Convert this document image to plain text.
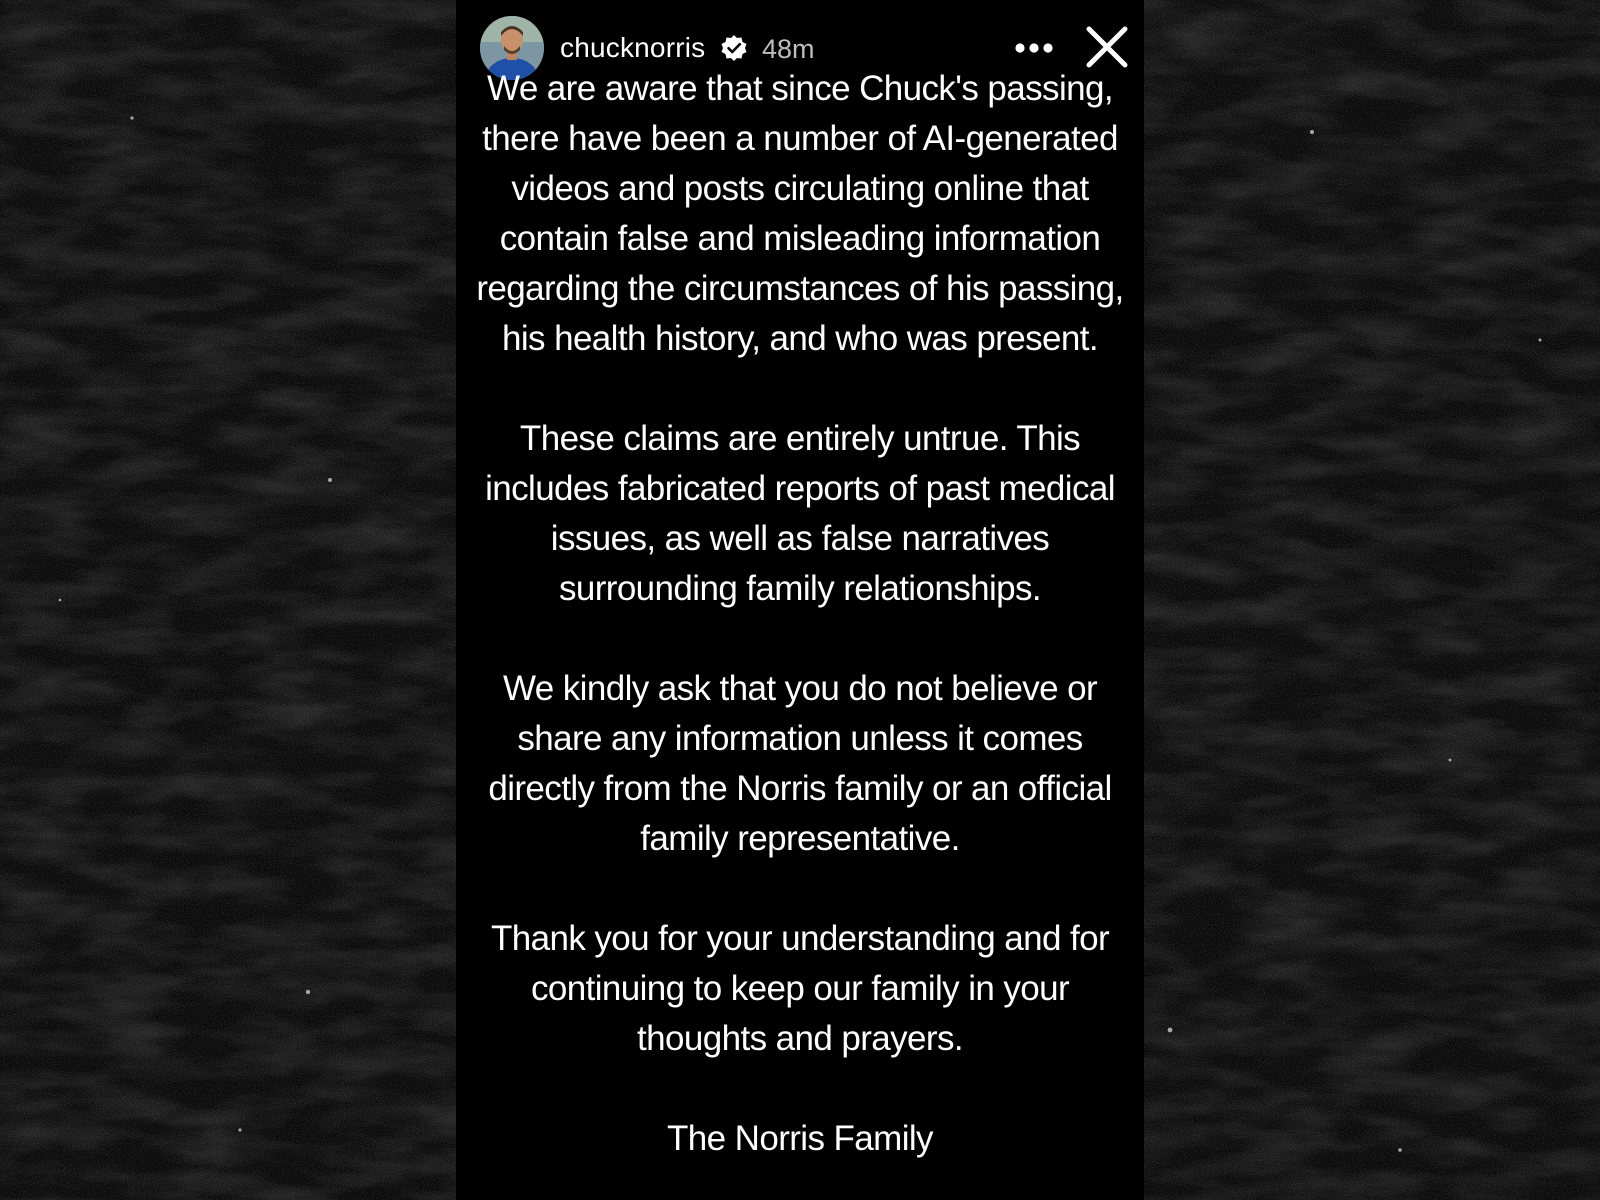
chucknorris 48m

We are aware that since Chuck's passing,
there have been a number of AI-generated
videos and posts circulating online that
contain false and misleading information
regarding the circumstances of his passing,
his health history, and who was present.

These claims are entirely untrue. This
includes fabricated reports of past medical
issues, as well as false narratives
surrounding family relationships.

We kindly ask that you do not believe or
share any information unless it comes
directly from the Norris family or an official
family representative.

Thank you for your understanding and for
continuing to keep our family in your
thoughts and prayers.

The Norris Family
